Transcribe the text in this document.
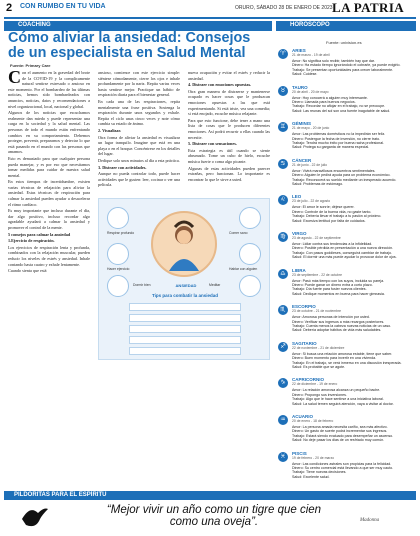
2 CON RUMBO EN TU VIDA	ORURO, SÁBADO 28 DE ENERO DE 2023 LA PATRIA
COACHING	HORÓSCOPO
Cómo aliviar la ansiedad: Consejos de un especialista en Salud Mental
Fuente: Primary Care

Con el aumento en la gravedad del brote de la COVID-19 y la complicamente natural sentirse estresado o ansioso en este momento. Por el bombardeo de las últimas noticias, hemos sido bombardeados con anuncios, noticias, datos y recomendaciones a nivel organizacional, local, nacional y global.

Algunos de los noticias que escuchamos realmente dan miedo y puede representar una carga en la sociedad y la salud mental. Las personas de todo el mundo están enfrentando cambios en su comportamiento. Debemos proteger, prevenir, prepararnos y detectar lo que está pasando en el mundo con las personas que amamos.

Esto es demasiado para que cualquier persona pueda manejar, y es por eso que necesitamos tomar medidas para cuidar de nuestra salud mental.

En estos tiempos de incertidumbre, existen varias técnicas de relajación para aliviar la ansiedad. Estas técnicas de respiración para calmar la ansiedad pueden ayudar a desacelerar el ritmo cardíaco.

Es muy importante que incluso durante el día, dar algo positivo, incluso recordar algo agradable ayudará a calmar la ansiedad y promover el control de la mente.

5 consejos para calmar la ansiedad

1.Ejercicio de respiración.

Los ejercicios de respiración lenta y profunda, combinados con la relajación muscular, pueden reducir los niveles de estrés y ansiedad. Inhale contando hasta cuatro y exhale lentamente.

Cuando sienta que está

ansioso, comience con este ejercicio simple: siéntese cómodamente, cierre los ojos e inhale profundamente por la nariz. Repita varias veces hasta sentirse mejor. Practique un hábito de respiración diaria para el bienestar general.

En cada una de las respiraciones, repita mentalmente una frase positiva. Sostenga la respiración durante unos segundos y exhale. Repita el ciclo unas cinco veces y note cómo cambia su estado de ánimo.

2. Visualizar.

Otra forma de aliviar la ansiedad es visualizar un lugar tranquilo. Imagine que está en una playa o en el bosque. Concéntrese en los detalles del lugar.

Dedique solo unos minutos al día a esta práctica.

3. Distraer con actividades.

Aunque no pueda controlar todo, puede hacer actividades que le gusten: leer, cocinar o ver una película.

nueva ocupación y evitar el estrés y reducir la ansiedad.

4. Distraer con emociones opuestas.

Otra gran manera de distraerse y mantenerse ocupado es hacer cosas que le produzcan emociones opuestas a las que está experimentando. Si está triste, vea una comedia; si está enojado, escuche música relajante.

Para que esto funcione, debe tener a mano una lista de cosas que le producen diferentes emociones. Así podrá recurrir a ellas cuando las necesite.

5. Distraer con sensaciones.

Esta estrategia es útil cuando se siente abrumado. Tome un cubo de hielo, escuche música fuerte o coma algo picante.

Algunas de estas actividades pueden parecer extrañas, pero funcionan. Lo importante es encontrar lo que le sirve a usted.

ANSIEDAD
Tips para combatir la ansiedad
Respirar profundo
Hacer ejercicio
Dormir bien
Comer sano
Hablar con alguien
Meditar
Fuente: univision.es
♈	ARIES
21 de marzo - 19 de abril
Amor: No significa solo recibir, también hay que dar.
Dinero: Ha estado tiempo ignorándolo el cobrarle, ya puede exigirlo.
Trabajo: Se presentan oportunidades para crecer laboralmente.
Salud: Cuidese.
♉	TAURO
20 de abril - 20 de mayo
Amor: Hoy conocerá a alguien muy interesante.
Dinero: Llamada para buenos negocios.
Trabajo: Recordar no aflojar en el trabajo, no se preocupe.
Salud: Las reunas del sol son una fuente inagotable de salud.
♊	GÉMINIS
21 de mayo - 20 de junio
Amor: Las problemas domésticos no la impedirán ser feliz.
Dinero: Postergue la fecha de inversión, no cierre trato.
Trabajo: Tendrá mucho éxito por buena racha profesional.
Salud: Protega su garganta de manera especial.
♋	CÁNCER
21 de junio - 22 de julio
Amor: Vivirá maravillosos encuentros sentimentales.
Dinero: Alguien le pedirá ayuda para un problema económico.
Trabajo: Reconocerá su sueldo mediante un inesperado acuerdo.
Salud: Problemas de estómago.
♌	LEO
23 de julio - 22 de agosto
Amor: El amor le sonríe; déjese querer.
Dinero: Controle de la buena vida, no gaste tanto.
Trabajo: Debería llevar el trabajo a tu pasión al próximo.
Salud: Excesiva lentitud por falta de cuidados.
♍	VIRGO
23 de agosto - 22 de septiembre
Amor: Lidiar contra sus tendencias a la infidelidad.
Dinero: Posible pérdida en presentación a una nueva dirección.
Trabajo: Con pasos goddieses, conseguirá cambiar de trabajo.
Salud: El dormir una más puede ayudar lo provocar dolor de ojos.
♎	LIBRA
23 de septiembre - 22 de octubre
Amor: Pasó más tiempo con los suyos, incluida su pareja.
Dinero: Puede ganar un dinero extra a corto plazo.
Trabajo: Día fuerte para fusier nuevos clientes.
Salud: Dedique momentos en buena para hacer gimnasia.
♏	ESCORPIO
23 de octubre - 21 de noviembre
Amor: Amorosa personas de intención por usted.
Dinero: Verificar sus ingresos a más recargos posteriores.
Trabajo: Cuenta menos la cabeza nuevas noticias de un caso.
Salud: Debería adoptar hábitos de vida más saludables.
♐	SAGITARIO
22 de noviembre - 21 de diciembre
Amor: Si busca una relación amorosa estable, tiene que saber.
Dinero: Buen momento para invertir en una vivienda.
Trabajo: En el trabajo, se verá inmerso en una discusión inesperada.
Salud: Es probable que se agote.
♑	CAPRICORNIO
22 de diciembre - 19 de enero
Amor: La relación amorosa alcanza un pequeño bache.
Dinero: Propongo sus inversiones.
Trabajo: Algo que le hace sentirse a una iniciativa laboral.
Salud: La salud temen seguirá atención, vaya a visitar al doctor.
♒	ACUARIO
20 de enero - 18 de febrero
Amor: La persona amada necesita cariño, sea más afectivo.
Dinero: Un gasto de suerte podrá incrementar sus ingresos.
Trabajo: Estará siendo evaluado para desempeñar un ascenso.
Salud: No deje pasar los dias de un resfriado muy común.
♓	PISCIS
19 de febrero - 20 de marzo
Amor: Las condiciones astrales son propicias para la felicidad.
Dinero: Su centro comercial está llevando a que ser muy cauto.
Trabajo: Tiene nuevas decisiones.
Salud: Excelente salud.
PILDORITAS PARA EL ESPÍRITU
“Mejor vivir un año como un tigre que cien como una oveja”.	Madonna
